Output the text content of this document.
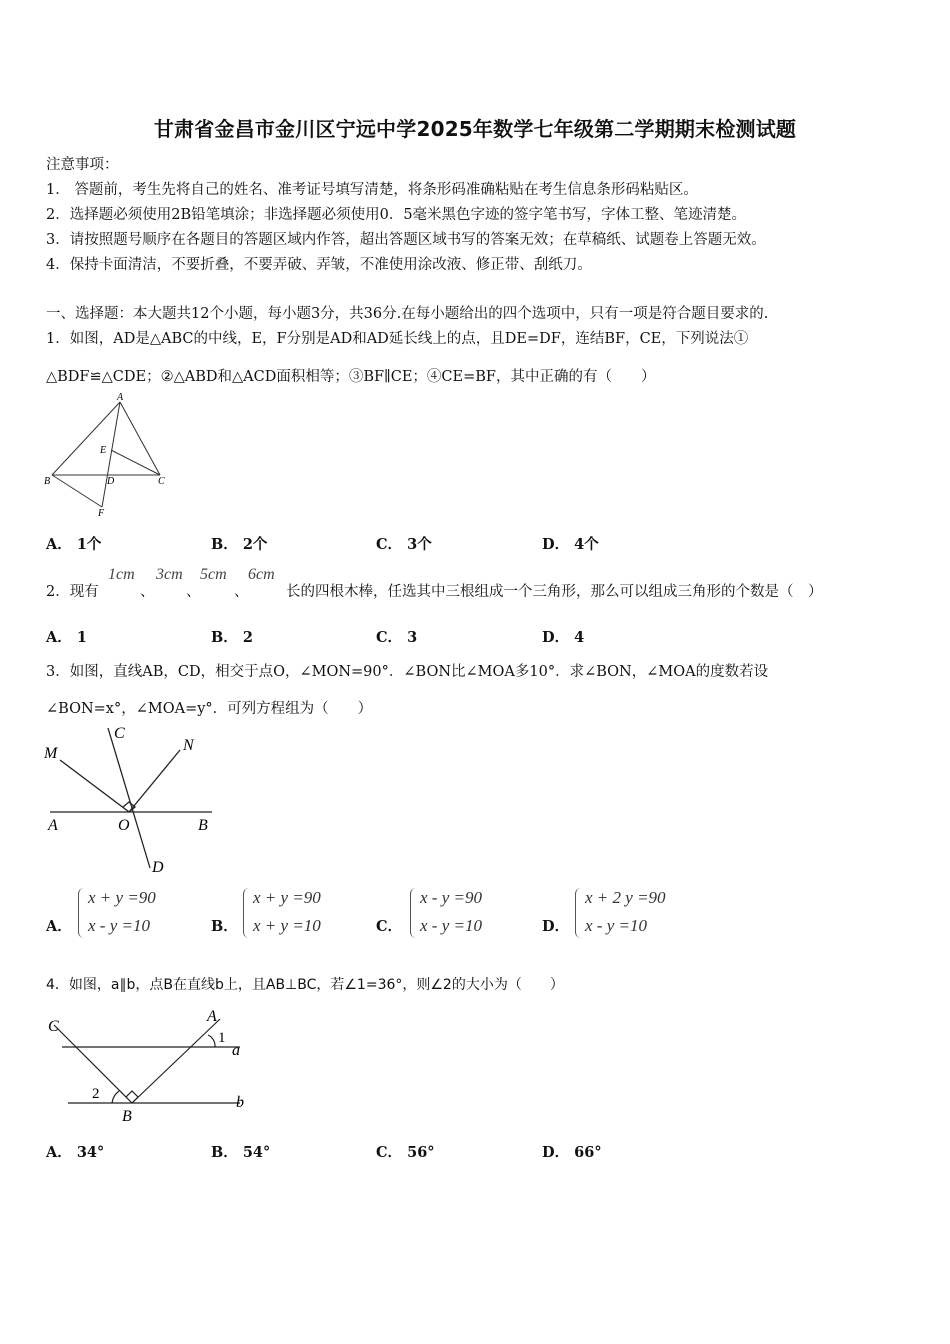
甘肃省金昌市金川区宁远中学2025年数学七年级第二学期期末检测试题
注意事项：
1． 答题前，考生先将自己的姓名、准考证号填写清楚，将条形码准确粘贴在考生信息条形码粘贴区。
2．选择题必须使用2B铅笔填涂；非选择题必须使用0．5毫米黑色字迹的签字笔书写，字体工整、笔迹清楚。
3．请按照题号顺序在各题目的答题区域内作答，超出答题区域书写的答案无效；在草稿纸、试题卷上答题无效。
4．保持卡面清洁，不要折叠，不要弄破、弄皱，不准使用涂改液、修正带、刮纸刀。
一、选择题：本大题共12个小题，每小题3分，共36分.在每小题给出的四个选项中，只有一项是符合题目要求的.
1．如图，AD是△ABC的中线，E，F分别是AD和AD延长线上的点，且DE=DF，连结BF，CE，下列说法①
△BDF≌△CDE；②△ABD和△ACD面积相等；③BF∥CE；④CE=BF，其中正确的有（　　）
A
E
B	D	C
F
A． 1个	B． 2个	C． 3个	D． 4个
2．现有
1cm
、
3cm
、
5cm
、
6cm
长的四根木棒，任选其中三根组成一个三角形，那么可以组成三角形的个数是（　）
A． 1	B． 2	C． 3	D． 4
3．如图，直线AB，CD，相交于点O，∠MON=90°．∠BON比∠MOA多10°．求∠BON，∠MOA的度数若设
∠BON=x°，∠MOA=y°．可列方程组为（　　）
M
C
N
A	O	B
D
A．
x + y =90
x - y =10	B．
x + y =90
x + y =10	C．
x - y =90
x - y =10	D．
x + 2 y =90
x - y =10
4．如图，a∥b，点B在直线b上，且AB⊥BC，若∠1=36°，则∠2的大小为（　　）
C
A
1
a
2
B
b
A． 34°	B． 54°	C． 56°	D． 66°
